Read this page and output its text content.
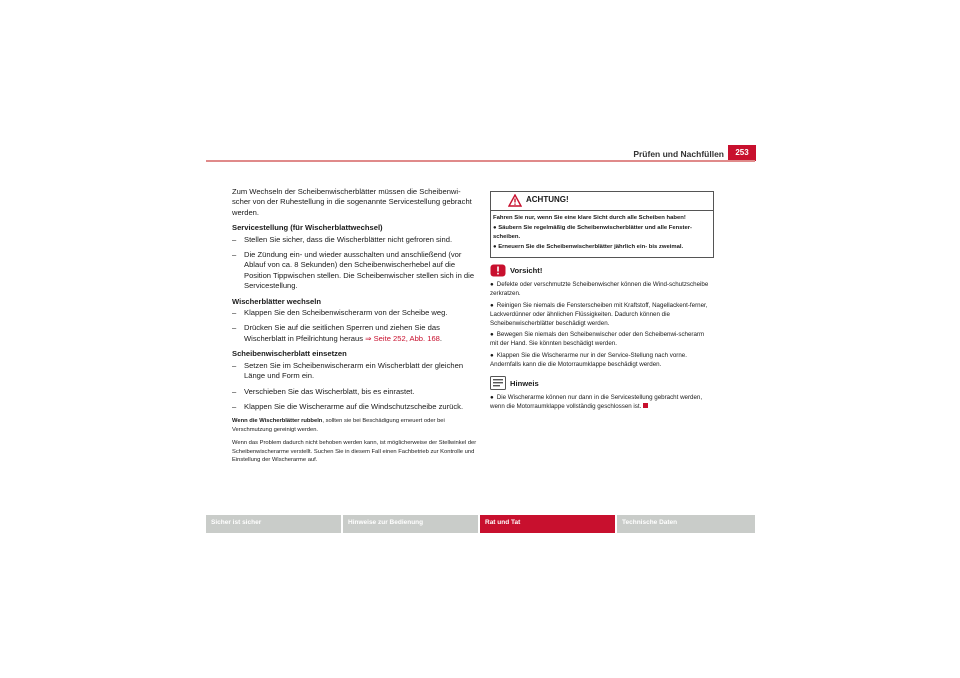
Prüfen und Nachfüllen	253

Zum Wechseln der Scheibenwischerblätter müssen die Scheibenwi-scher von der Ruhestellung in die sogenannte Servicestellung gebracht werden.

Servicestellung (für Wischerblattwechsel)
–	Stellen Sie sicher, dass die Wischerblätter nicht gefroren sind.
–	Die Zündung ein- und wieder ausschalten und anschließend (vor Ablauf von ca. 8 Sekunden) den Scheibenwischerhebel auf die Position Tippwischen stellen. Die Scheibenwischer stellen sich in die Servicestellung.
Wischerblätter wechseln
–	Klappen Sie den Scheibenwischerarm von der Scheibe weg.
–	Drücken Sie auf die seitlichen Sperren und ziehen Sie das Wischerblatt in Pfeilrichtung heraus ⇒ Seite 252, Abb. 168.
Scheibenwischerblatt einsetzen
–	Setzen Sie im Scheibenwischerarm ein Wischerblatt der gleichen Länge und Form ein.
–	Verschieben Sie das Wischerblatt, bis es einrastet.
–	Klappen Sie die Wischerarme auf die Windschutzscheibe zurück.

Wenn die Wischerblätter rubbeln, sollten sie bei Beschädigung erneuert oder bei Verschmutzung gereinigt werden.

Wenn das Problem dadurch nicht behoben werden kann, ist möglicherweise der Stellwinkel der Scheibenwischerarme verstellt. Suchen Sie in diesem Fall einen Fachbetrieb zur Kontrolle und Einstellung der Wischerarme auf.

ACHTUNG!
Fahren Sie nur, wenn Sie eine klare Sicht durch alle Scheiben haben!
● Säubern Sie regelmäßig die Scheibenwischerblätter und alle Fenster-scheiben.
● Erneuern Sie die Scheibenwischerblätter jährlich ein- bis zweimal.
Vorsicht!
● Defekte oder verschmutzte Scheibenwischer können die Wind-schutzscheibe zerkratzen.
● Reinigen Sie niemals die Fensterscheiben mit Kraftstoff, Nagellackent-ferner, Lackverdünner oder ähnlichen Flüssigkeiten. Dadurch können die Scheibenwischerblätter beschädigt werden.
● Bewegen Sie niemals den Scheibenwischer oder den Scheibenwi-scherarm mit der Hand. Sie könnten beschädigt werden.
● Klappen Sie die Wischerarme nur in der Service-Stellung nach vorne. Andernfalls kann die die Motorraumklappe beschädigt werden.
Hinweis
● Die Wischerarme können nur dann in die Servicestellung gebracht werden, wenn die Motorraumklappe vollständig geschlossen ist.
Sicher ist sicher	Hinweise zur Bedienung	Rat und Tat	Technische Daten
